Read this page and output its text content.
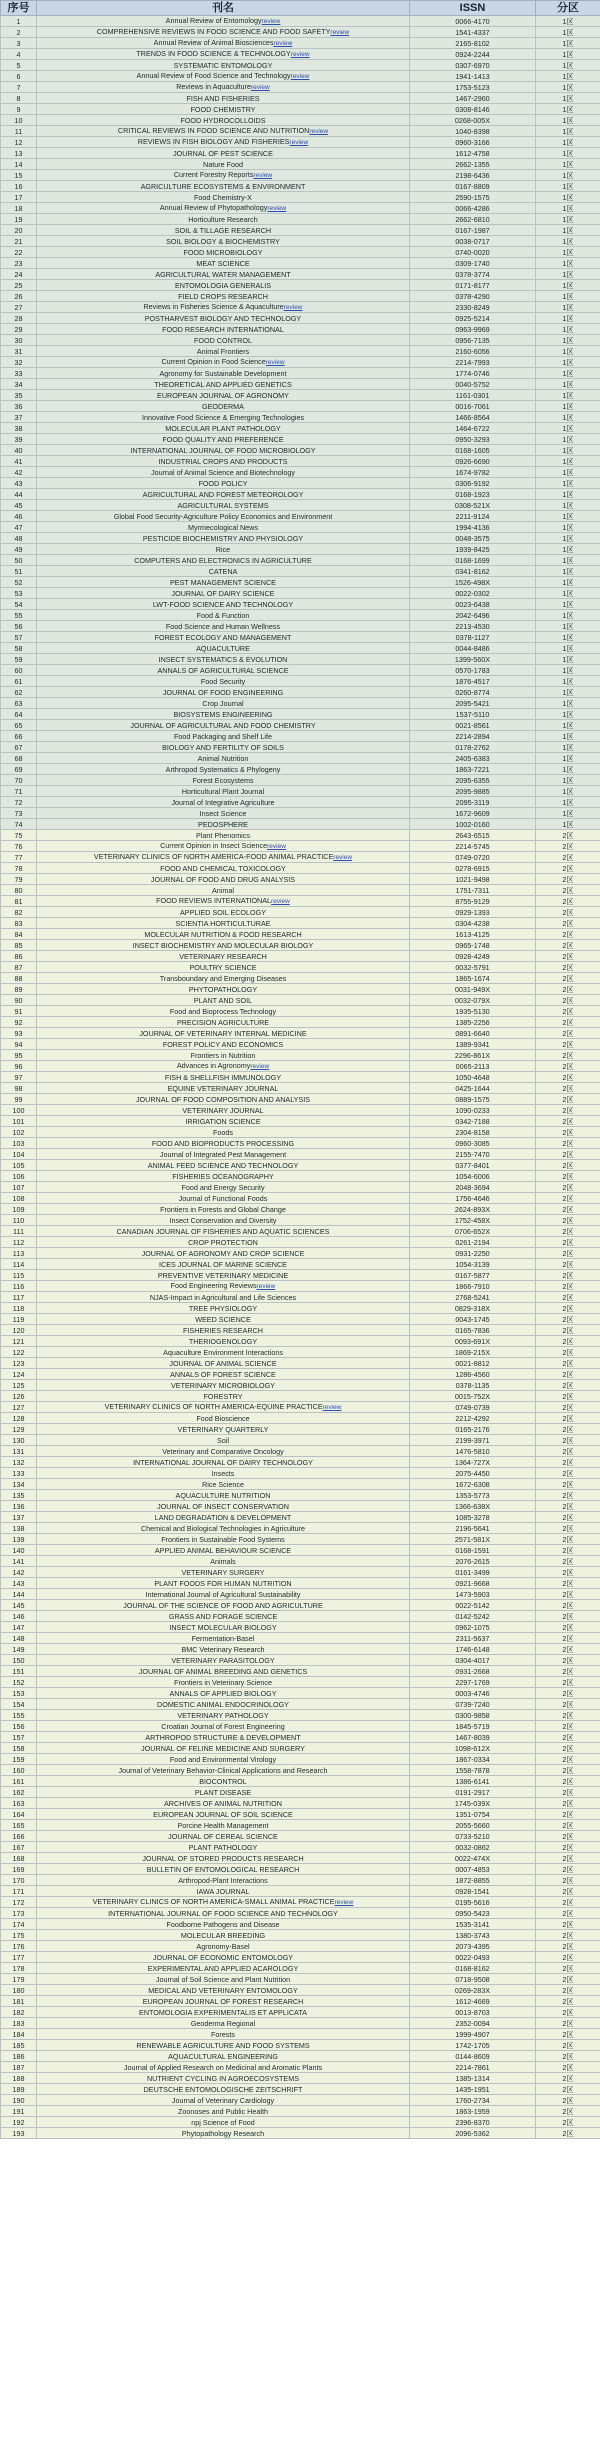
序号	刊名	ISSN	分区
1	Annual Review of Entomologyreview	0066-4170	1区
2	COMPREHENSIVE REVIEWS IN FOOD SCIENCE AND FOOD SAFETYreview	1541-4337	1区
3	Annual Review of Animal Biosciencesreview	2165-8102	1区
4	TRENDS IN FOOD SCIENCE & TECHNOLOGYreview	0924-2244	1区
5	SYSTEMATIC ENTOMOLOGY	0307-6970	1区
6	Annual Review of Food Science and Technologyreview	1941-1413	1区
7	Reviews in Aquaculturereview	1753-5123	1区
8	FISH AND FISHERIES	1467-2960	1区
9	FOOD CHEMISTRY	0308-8146	1区
10	FOOD HYDROCOLLOIDS	0268-005X	1区
11	CRITICAL REVIEWS IN FOOD SCIENCE AND NUTRITIONreview	1040-8398	1区
12	REVIEWS IN FISH BIOLOGY AND FISHERIESreview	0960-3166	1区
13	JOURNAL OF PEST SCIENCE	1612-4758	1区
14	Nature Food	2662-1355	1区
15	Current Forestry Reportsreview	2198-6436	1区
16	AGRICULTURE ECOSYSTEMS & ENVIRONMENT	0167-8809	1区
17	Food Chemistry-X	2590-1575	1区
18	Annual Review of Phytopathologyreview	0066-4286	1区
19	Horticulture Research	2662-6810	1区
20	SOIL & TILLAGE RESEARCH	0167-1987	1区
21	SOIL BIOLOGY & BIOCHEMISTRY	0038-0717	1区
22	FOOD MICROBIOLOGY	0740-0020	1区
23	MEAT SCIENCE	0309-1740	1区
24	AGRICULTURAL WATER MANAGEMENT	0378-3774	1区
25	ENTOMOLOGIA GENERALIS	0171-8177	1区
26	FIELD CROPS RESEARCH	0378-4290	1区
27	Reviews in Fisheries Science & Aquaculturereview	2330-8249	1区
28	POSTHARVEST BIOLOGY AND TECHNOLOGY	0925-5214	1区
29	FOOD RESEARCH INTERNATIONAL	0963-9969	1区
30	FOOD CONTROL	0956-7135	1区
31	Animal Frontiers	2160-6056	1区
32	Current Opinion in Food Sciencereview	2214-7993	1区
33	Agronomy for Sustainable Development	1774-0746	1区
34	THEORETICAL AND APPLIED GENETICS	0040-5752	1区
35	EUROPEAN JOURNAL OF AGRONOMY	1161-0301	1区
36	GEODERMA	0016-7061	1区
37	Innovative Food Science & Emerging Technologies	1466-8564	1区
38	MOLECULAR PLANT PATHOLOGY	1464-6722	1区
39	FOOD QUALITY AND PREFERENCE	0950-3293	1区
40	INTERNATIONAL JOURNAL OF FOOD MICROBIOLOGY	0168-1605	1区
41	INDUSTRIAL CROPS AND PRODUCTS	0926-6690	1区
42	Journal of Animal Science and Biotechnology	1674-9782	1区
43	FOOD POLICY	0306-9192	1区
44	AGRICULTURAL AND FOREST METEOROLOGY	0168-1923	1区
45	AGRICULTURAL SYSTEMS	0308-521X	1区
46	Global Food Security-Agriculture Policy Economics and Environment	2211-9124	1区
47	Myrmecological News	1994-4136	1区
48	PESTICIDE BIOCHEMISTRY AND PHYSIOLOGY	0048-3575	1区
49	Rice	1939-8425	1区
50	COMPUTERS AND ELECTRONICS IN AGRICULTURE	0168-1699	1区
51	CATENA	0341-8162	1区
52	PEST MANAGEMENT SCIENCE	1526-498X	1区
53	JOURNAL OF DAIRY SCIENCE	0022-0302	1区
54	LWT-FOOD SCIENCE AND TECHNOLOGY	0023-6438	1区
55	Food & Function	2042-6496	1区
56	Food Science and Human Wellness	2213-4530	1区
57	FOREST ECOLOGY AND MANAGEMENT	0378-1127	1区
58	AQUACULTURE	0044-8486	1区
59	INSECT SYSTEMATICS & EVOLUTION	1399-560X	1区
60	ANNALS OF AGRICULTURAL SCIENCE	0570-1783	1区
61	Food Security	1876-4517	1区
62	JOURNAL OF FOOD ENGINEERING	0260-8774	1区
63	Crop Journal	2095-5421	1区
64	BIOSYSTEMS ENGINEERING	1537-5110	1区
65	JOURNAL OF AGRICULTURAL AND FOOD CHEMISTRY	0021-8561	1区
66	Food Packaging and Shelf Life	2214-2894	1区
67	BIOLOGY AND FERTILITY OF SOILS	0178-2762	1区
68	Animal Nutrition	2405-6383	1区
69	Arthropod Systematics & Phylogeny	1863-7221	1区
70	Forest Ecosystems	2095-6355	1区
71	Horticultural Plant Journal	2095-9885	1区
72	Journal of Integrative Agriculture	2095-3119	1区
73	Insect Science	1672-9609	1区
74	PEDOSPHERE	1002-0160	1区
75	Plant Phenomics	2643-6515	2区
76	Current Opinion in Insect Sciencereview	2214-5745	2区
77	VETERINARY CLINICS OF NORTH AMERICA-FOOD ANIMAL PRACTICEreview	0749-0720	2区
78	FOOD AND CHEMICAL TOXICOLOGY	0278-6915	2区
79	JOURNAL OF FOOD AND DRUG ANALYSIS	1021-9498	2区
80	Animal	1751-7311	2区
81	FOOD REVIEWS INTERNATIONALreview	8755-9129	2区
82	APPLIED SOIL ECOLOGY	0929-1393	2区
83	SCIENTIA HORTICULTURAE	0304-4238	2区
84	MOLECULAR NUTRITION & FOOD RESEARCH	1613-4125	2区
85	INSECT BIOCHEMISTRY AND MOLECULAR BIOLOGY	0965-1748	2区
86	VETERINARY RESEARCH	0928-4249	2区
87	POULTRY SCIENCE	0032-5791	2区
88	Transboundary and Emerging Diseases	1865-1674	2区
89	PHYTOPATHOLOGY	0031-949X	2区
90	PLANT AND SOIL	0032-079X	2区
91	Food and Bioprocess Technology	1935-5130	2区
92	PRECISION AGRICULTURE	1385-2256	2区
93	JOURNAL OF VETERINARY INTERNAL MEDICINE	0891-6640	2区
94	FOREST POLICY AND ECONOMICS	1389-9341	2区
95	Frontiers in Nutrition	2296-861X	2区
96	Advances in Agronomyreview	0065-2113	2区
97	FISH & SHELLFISH IMMUNOLOGY	1050-4648	2区
98	EQUINE VETERINARY JOURNAL	0425-1644	2区
99	JOURNAL OF FOOD COMPOSITION AND ANALYSIS	0889-1575	2区
100	VETERINARY JOURNAL	1090-0233	2区
101	IRRIGATION SCIENCE	0342-7188	2区
102	Foods	2304-8158	2区
103	FOOD AND BIOPRODUCTS PROCESSING	0960-3085	2区
104	Journal of Integrated Pest Management	2155-7470	2区
105	ANIMAL FEED SCIENCE AND TECHNOLOGY	0377-8401	2区
106	FISHERIES OCEANOGRAPHY	1054-6006	2区
107	Food and Energy Security	2048-3694	2区
108	Journal of Functional Foods	1756-4646	2区
109	Frontiers in Forests and Global Change	2624-893X	2区
110	Insect Conservation and Diversity	1752-458X	2区
111	CANADIAN JOURNAL OF FISHERIES AND AQUATIC SCIENCES	0706-652X	2区
112	CROP PROTECTION	0261-2194	2区
113	JOURNAL OF AGRONOMY AND CROP SCIENCE	0931-2250	2区
114	ICES JOURNAL OF MARINE SCIENCE	1054-3139	2区
115	PREVENTIVE VETERINARY MEDICINE	0167-5877	2区
116	Food Engineering Reviewsreview	1866-7910	2区
117	NJAS-Impact in Agricultural and Life Sciences	2768-5241	2区
118	TREE PHYSIOLOGY	0829-318X	2区
119	WEED SCIENCE	0043-1745	2区
120	FISHERIES RESEARCH	0165-7836	2区
121	THERIOGENOLOGY	0093-691X	2区
122	Aquaculture Environment Interactions	1869-215X	2区
123	JOURNAL OF ANIMAL SCIENCE	0021-8812	2区
124	ANNALS OF FOREST SCIENCE	1286-4560	2区
125	VETERINARY MICROBIOLOGY	0378-1135	2区
126	FORESTRY	0015-752X	2区
127	VETERINARY CLINICS OF NORTH AMERICA-EQUINE PRACTICEreview	0749-0739	2区
128	Food Bioscience	2212-4292	2区
129	VETERINARY QUARTERLY	0165-2176	2区
130	Soil	2199-3971	2区
131	Veterinary and Comparative Oncology	1476-5810	2区
132	INTERNATIONAL JOURNAL OF DAIRY TECHNOLOGY	1364-727X	2区
133	Insects	2075-4450	2区
134	Rice Science	1672-6308	2区
135	AQUACULTURE NUTRITION	1353-5773	2区
136	JOURNAL OF INSECT CONSERVATION	1366-638X	2区
137	LAND DEGRADATION & DEVELOPMENT	1085-3278	2区
138	Chemical and Biological Technologies in Agriculture	2196-5641	2区
139	Frontiers in Sustainable Food Systems	2571-581X	2区
140	APPLIED ANIMAL BEHAVIOUR SCIENCE	0168-1591	2区
141	Animals	2076-2615	2区
142	VETERINARY SURGERY	0161-3499	2区
143	PLANT FOODS FOR HUMAN NUTRITION	0921-9668	2区
144	International Journal of Agricultural Sustainability	1473-5903	2区
145	JOURNAL OF THE SCIENCE OF FOOD AND AGRICULTURE	0022-5142	2区
146	GRASS AND FORAGE SCIENCE	0142-5242	2区
147	INSECT MOLECULAR BIOLOGY	0962-1075	2区
148	Fermentation-Basel	2311-5637	2区
149	BMC Veterinary Research	1746-6148	2区
150	VETERINARY PARASITOLOGY	0304-4017	2区
151	JOURNAL OF ANIMAL BREEDING AND GENETICS	0931-2668	2区
152	Frontiers in Veterinary Science	2297-1769	2区
153	ANNALS OF APPLIED BIOLOGY	0003-4746	2区
154	DOMESTIC ANIMAL ENDOCRINOLOGY	0739-7240	2区
155	VETERINARY PATHOLOGY	0300-9858	2区
156	Croatian Journal of Forest Engineering	1845-5719	2区
157	ARTHROPOD STRUCTURE & DEVELOPMENT	1467-8039	2区
158	JOURNAL OF FELINE MEDICINE AND SURGERY	1098-612X	2区
159	Food and Environmental Virology	1867-0334	2区
160	Journal of Veterinary Behavior-Clinical Applications and Research	1558-7878	2区
161	BIOCONTROL	1386-6141	2区
162	PLANT DISEASE	0191-2917	2区
163	ARCHIVES OF ANIMAL NUTRITION	1745-039X	2区
164	EUROPEAN JOURNAL OF SOIL SCIENCE	1351-0754	2区
165	Porcine Health Management	2055-5660	2区
166	JOURNAL OF CEREAL SCIENCE	0733-5210	2区
167	PLANT PATHOLOGY	0032-0862	2区
168	JOURNAL OF STORED PRODUCTS RESEARCH	0022-474X	2区
169	BULLETIN OF ENTOMOLOGICAL RESEARCH	0007-4853	2区
170	Arthropod-Plant Interactions	1872-8855	2区
171	IAWA JOURNAL	0928-1541	2区
172	VETERINARY CLINICS OF NORTH AMERICA-SMALL ANIMAL PRACTICEreview	0195-5616	2区
173	INTERNATIONAL JOURNAL OF FOOD SCIENCE AND TECHNOLOGY	0950-5423	2区
174	Foodborne Pathogens and Disease	1535-3141	2区
175	MOLECULAR BREEDING	1380-3743	2区
176	Agronomy-Basel	2073-4395	2区
177	JOURNAL OF ECONOMIC ENTOMOLOGY	0022-0493	2区
178	EXPERIMENTAL AND APPLIED ACAROLOGY	0168-8162	2区
179	Journal of Soil Science and Plant Nutrition	0718-9508	2区
180	MEDICAL AND VETERINARY ENTOMOLOGY	0269-283X	2区
181	EUROPEAN JOURNAL OF FOREST RESEARCH	1612-4669	2区
182	ENTOMOLOGIA EXPERIMENTALIS ET APPLICATA	0013-8703	2区
183	Geoderma Regional	2352-0094	2区
184	Forests	1999-4907	2区
185	RENEWABLE AGRICULTURE AND FOOD SYSTEMS	1742-1705	2区
186	AQUACULTURAL ENGINEERING	0144-8609	2区
187	Journal of Applied Research on Medicinal and Aromatic Plants	2214-7861	2区
188	NUTRIENT CYCLING IN AGROECOSYSTEMS	1385-1314	2区
189	DEUTSCHE ENTOMOLOGISCHE ZEITSCHRIFT	1435-1951	2区
190	Journal of Veterinary Cardiology	1760-2734	2区
191	Zoonoses and Public Health	1863-1959	2区
192	npj Science of Food	2396-8370	2区
193	Phytopathology Research	2096-5362	2区
